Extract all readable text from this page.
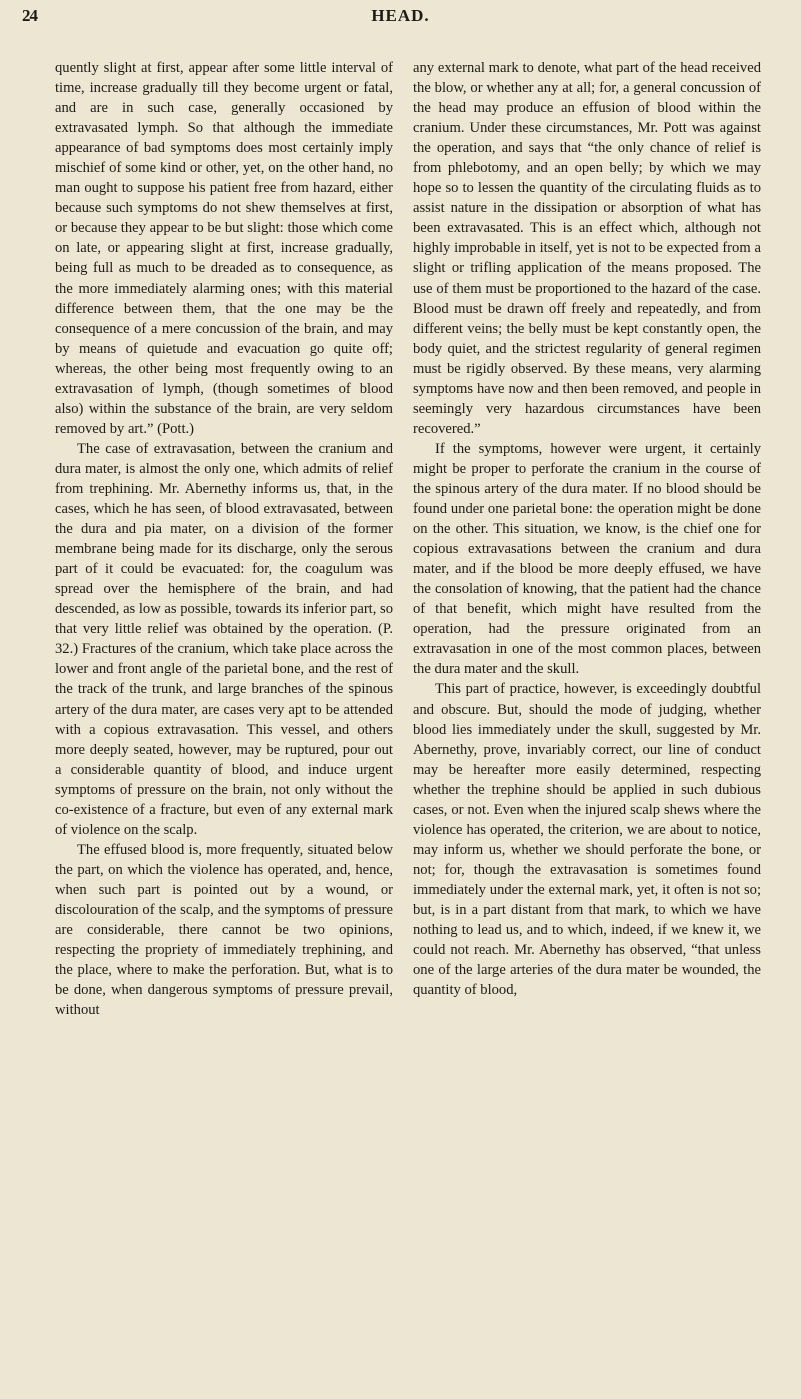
24	HEAD.

quently slight at first, appear after some little interval of time, increase gradually till they become urgent or fatal, and are in such case, generally occasioned by extravasated lymph. So that although the immediate appearance of bad symptoms does most certainly imply mischief of some kind or other, yet, on the other hand, no man ought to suppose his patient free from hazard, either because such symptoms do not shew themselves at first, or because they appear to be but slight: those which come on late, or appearing slight at first, increase gradually, being full as much to be dreaded as to consequence, as the more immediately alarming ones; with this material difference between them, that the one may be the consequence of a mere concussion of the brain, and may by means of quietude and evacuation go quite off; whereas, the other being most frequently owing to an extravasation of lymph, (though sometimes of blood also) within the substance of the brain, are very seldom removed by art.” (Pott.)

The case of extravasation, between the cranium and dura mater, is almost the only one, which admits of relief from trephining. Mr. Abernethy informs us, that, in the cases, which he has seen, of blood extravasated, between the dura and pia mater, on a division of the former membrane being made for its discharge, only the serous part of it could be evacuated: for, the coagulum was spread over the hemisphere of the brain, and had descended, as low as possible, towards its inferior part, so that very little relief was obtained by the operation. (P. 32.) Fractures of the cranium, which take place across the lower and front angle of the parietal bone, and the rest of the track of the trunk, and large branches of the spinous artery of the dura mater, are cases very apt to be attended with a copious extravasation. This vessel, and others more deeply seated, however, may be ruptured, pour out a considerable quantity of blood, and induce urgent symptoms of pressure on the brain, not only without the co-existence of a fracture, but even of any external mark of violence on the scalp.

The effused blood is, more frequently, situated below the part, on which the violence has operated, and, hence, when such part is pointed out by a wound, or discolouration of the scalp, and the symptoms of pressure are considerable, there cannot be two opinions, respecting the propriety of immediately trephining, and the place, where to make the perforation. But, what is to be done, when dangerous symptoms of pressure prevail, without

any external mark to denote, what part of the head received the blow, or whether any at all; for, a general concussion of the head may produce an effusion of blood within the cranium. Under these circumstances, Mr. Pott was against the operation, and says that “the only chance of relief is from phlebotomy, and an open belly; by which we may hope so to lessen the quantity of the circulating fluids as to assist nature in the dissipation or absorption of what has been extravasated. This is an effect which, although not highly improbable in itself, yet is not to be expected from a slight or trifling application of the means proposed. The use of them must be proportioned to the hazard of the case. Blood must be drawn off freely and repeatedly, and from different veins; the belly must be kept constantly open, the body quiet, and the strictest regularity of general regimen must be rigidly observed. By these means, very alarming symptoms have now and then been removed, and people in seemingly very hazardous circumstances have been recovered.”

If the symptoms, however were urgent, it certainly might be proper to perforate the cranium in the course of the spinous artery of the dura mater. If no blood should be found under one parietal bone: the operation might be done on the other. This situation, we know, is the chief one for copious extravasations between the cranium and dura mater, and if the blood be more deeply effused, we have the consolation of knowing, that the patient had the chance of that benefit, which might have resulted from the operation, had the pressure originated from an extravasation in one of the most common places, between the dura mater and the skull.

This part of practice, however, is exceedingly doubtful and obscure. But, should the mode of judging, whether blood lies immediately under the skull, suggested by Mr. Abernethy, prove, invariably correct, our line of conduct may be hereafter more easily determined, respecting whether the trephine should be applied in such dubious cases, or not. Even when the injured scalp shews where the violence has operated, the criterion, we are about to notice, may inform us, whether we should perforate the bone, or not; for, though the extravasation is sometimes found immediately under the external mark, yet, it often is not so; but, is in a part distant from that mark, to which we have nothing to lead us, and to which, indeed, if we knew it, we could not reach. Mr. Abernethy has observed, “that unless one of the large arteries of the dura mater be wounded, the quantity of blood,
